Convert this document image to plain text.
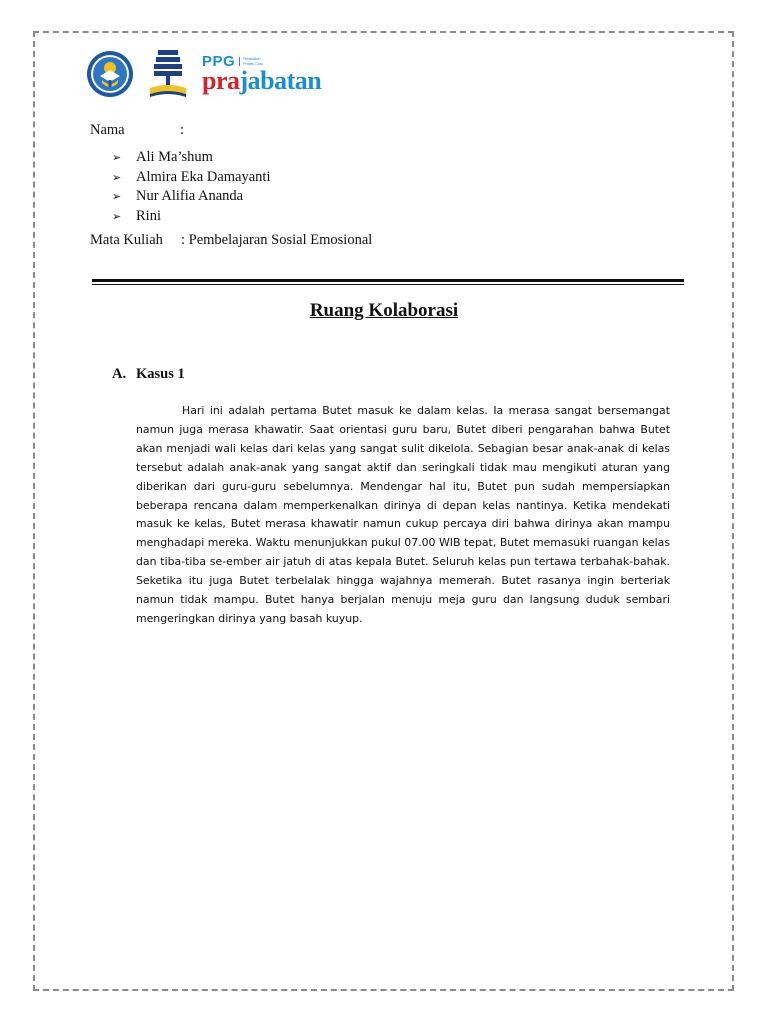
PPG	Pendidikan Profesi Guru
prajabatan
Nama	:
➢	Ali Ma’shum
➢	Almira Eka Damayanti
➢	Nur Alifia Ananda
➢	Rini
Mata Kuliah	: Pembelajaran Sosial Emosional
Ruang Kolaborasi
A. Kasus 1

Hari ini adalah pertama Butet masuk ke dalam kelas. Ia merasa sangat bersemangat namun juga merasa khawatir. Saat orientasi guru baru, Butet diberi pengarahan bahwa Butet akan menjadi wali kelas dari kelas yang sangat sulit dikelola. Sebagian besar anak-anak di kelas tersebut adalah anak-anak yang sangat aktif dan seringkali tidak mau mengikuti aturan yang diberikan dari guru-guru sebelumnya. Mendengar hal itu, Butet pun sudah mempersiapkan beberapa rencana dalam memperkenalkan dirinya di depan kelas nantinya. Ketika mendekati masuk ke kelas, Butet merasa khawatir namun cukup percaya diri bahwa dirinya akan mampu menghadapi mereka. Waktu menunjukkan pukul 07.00 WIB tepat, Butet memasuki ruangan kelas dan tiba-tiba se-ember air jatuh di atas kepala Butet. Seluruh kelas pun tertawa terbahak-bahak. Seketika itu juga Butet terbelalak hingga wajahnya memerah. Butet rasanya ingin berteriak namun tidak mampu. Butet hanya berjalan menuju meja guru dan langsung duduk sembari mengeringkan dirinya yang basah kuyup.
